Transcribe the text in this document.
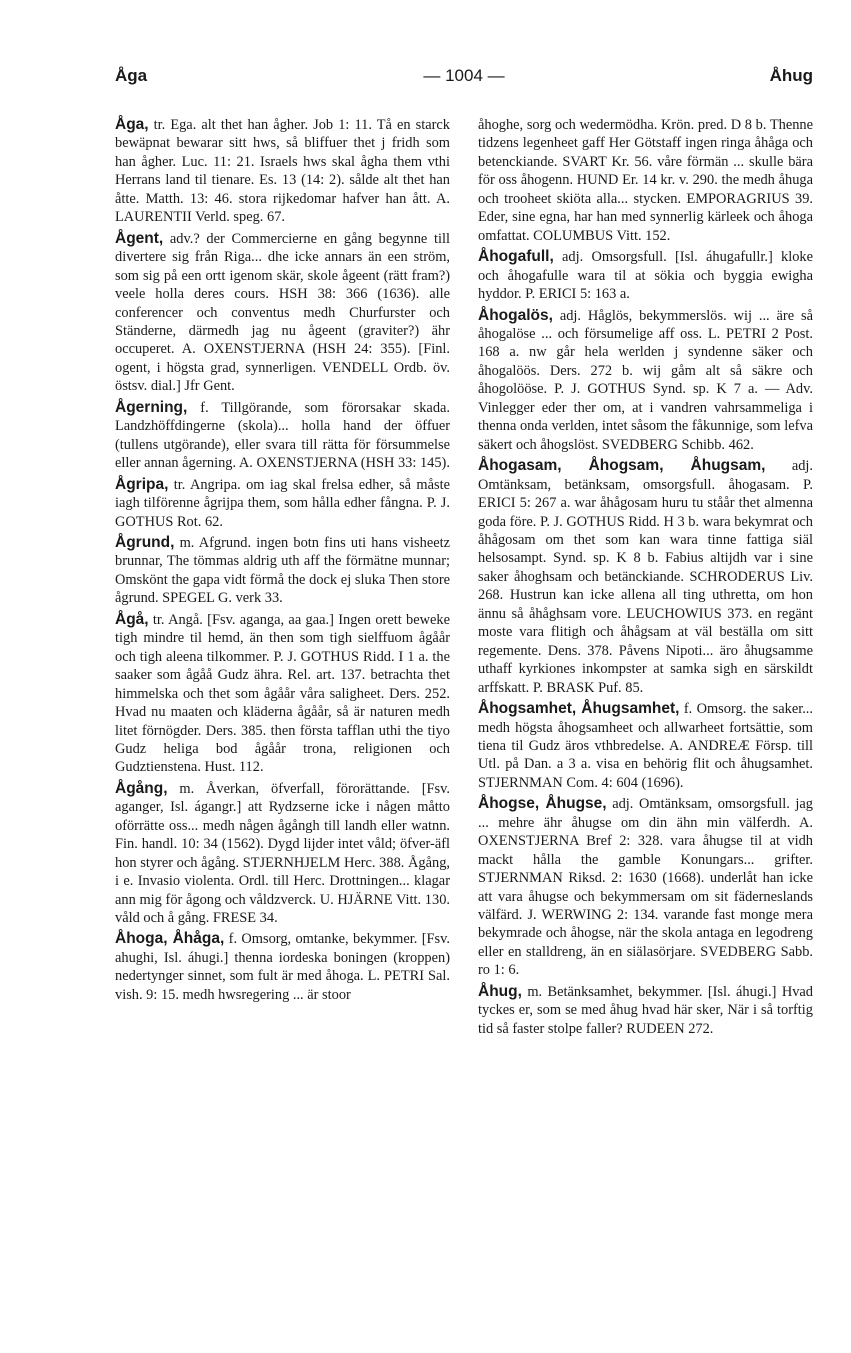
Åga	— 1004 —	Åhug

Åga, tr. Ega. alt thet han ågher. Job 1: 11. Tå en starck bewäpnat bewarar sitt hws, så bliffuer thet j fridh som han ågher. Luc. 11: 21. Israels hws skal ågha them vthi Herrans land til tienare. Es. 13 (14: 2). sålde alt thet han åtte. Matth. 13: 46. stora rijkedomar hafver han ått. A. LAURENTII Verld. speg. 67.

Ågent, adv.? der Commercierne en gång begynne till divertere sig från Riga... dhe icke annars än een ström, som sig på een ortt igenom skär, skole ågeent (rätt fram?) veele holla deres cours. HSH 38: 366 (1636). alle conferencer och conventus medh Churfurster och Ständerne, därmedh jag nu ågeent (graviter?) ähr occuperet. A. OXENSTJERNA (HSH 24: 355). [Finl. ogent, i högsta grad, synnerligen. VENDELL Ordb. öv. östsv. dial.] Jfr Gent.

Ågerning, f. Tillgörande, som förorsakar skada. Landzhöffdingerne (skola)... holla hand der öffuer (tullens utgörande), eller svara till rätta för försummelse eller annan ågerning. A. OXENSTJERNA (HSH 33: 145).

Ågripa, tr. Angripa. om iag skal frelsa edher, så måste iagh tilförenne ågrijpa them, som hålla edher fångna. P. J. GOTHUS Rot. 62.

Ågrund, m. Afgrund. ingen botn fins uti hans visheetz brunnar, The tömmas aldrig uth aff the förmätne munnar; Omskönt the gapa vidt förmå the dock ej sluka Then store ågrund. SPEGEL G. verk 33.

Ågå, tr. Angå. [Fsv. aganga, aa gaa.] Ingen orett beweke tigh mindre til hemd, än then som tigh sielffuom ågåår och tigh aleena tilkommer. P. J. GOTHUS Ridd. I 1 a. the saaker som ågåå Gudz ähra. Rel. art. 137. betrachta thet himmelska och thet som ågåår våra saligheet. Ders. 252. Hvad nu maaten och kläderna ågåår, så är naturen medh litet förnögder. Ders. 385. then första tafflan uthi the tiyo Gudz heliga bod ågåår trona, religionen och Gudztienstena. Hust. 112.

Ågång, m. Åverkan, öfverfall, förorättande. [Fsv. aganger, Isl. ágangr.] att Rydzserne icke i någen måtto oförrätte oss... medh någen ågångh till landh eller watnn. Fin. handl. 10: 34 (1562). Dygd lijder intet våld; öfver-äfl hon styrer och ågång. STJERNHJELM Herc. 388. Ågång, i e. Invasio violenta. Ordl. till Herc. Drottningen... klagar ann mig för ågong och våldzverck. U. HJÄRNE Vitt. 130. våld och å gång. FRESE 34.

Åhoga, Åhåga, f. Omsorg, omtanke, bekymmer. [Fsv. ahughi, Isl. áhugi.] thenna iordeska boningen (kroppen) nedertynger sinnet, som fult är med åhoga. L. PETRI Sal. vish. 9: 15. medh hwsregering ... är stoor

åhoghe, sorg och wedermödha. Krön. pred. D 8 b. Thenne tidzens legenheet gaff Her Götstaff ingen ringa åhåga och betenckiande. SVART Kr. 56. våre förmän ... skulle bära för oss åhogenn. HUND Er. 14 kr. v. 290. the medh åhuga och trooheet skiöta alla... stycken. EMPORAGRIUS 39. Eder, sine egna, har han med synnerlig kärleek och åhoga omfattat. COLUMBUS Vitt. 152.

Åhogafull, adj. Omsorgsfull. [Isl. áhugafullr.] kloke och åhogafulle wara til at sökia och byggia ewigha hyddor. P. ERICI 5: 163 a.

Åhogalös, adj. Håglös, bekymmerslös. wij ... äre så åhogalöse ... och försumelige aff oss. L. PETRI 2 Post. 168 a. nw går hela werlden j syndenne säker och åhogalöös. Ders. 272 b. wij gåm alt så säkre och åhogolööse. P. J. GOTHUS Synd. sp. K 7 a. — Adv. Vinlegger eder ther om, at i vandren vahrsammeliga i thenna onda verlden, intet såsom the fåkunnige, som lefva säkert och åhogslöst. SVEDBERG Schibb. 462.

Åhogasam, Åhogsam, Åhugsam, adj. Omtänksam, betänksam, omsorgsfull. åhogasam. P. ERICI 5: 267 a. war åhågosam huru tu ståår thet almenna goda före. P. J. GOTHUS Ridd. H 3 b. wara bekymrat och åhågosam om thet som kan wara tinne fattiga siäl helsosampt. Synd. sp. K 8 b. Fabius altijdh var i sine saker åhoghsam och betänckiande. SCHRODERUS Liv. 268. Hustrun kan icke allena all ting uthretta, om hon ännu så åhåghsam vore. LEUCHOWIUS 373. en regänt moste vara flitigh och åhågsam at väl beställa om sitt regemente. Dens. 378. Påvens Nipoti... äro åhugsamme uthaff kyrkiones inkompster at samka sigh en särskildt arffskatt. P. BRASK Puf. 85.

Åhogsamhet, Åhugsamhet, f. Omsorg. the saker... medh högsta åhogsamheet och allwarheet fortsättie, som tiena til Gudz äros vthbredelse. A. ANDREÆ Försp. till Utl. på Dan. a 3 a. visa en behörig flit och åhugsamhet. STJERNMAN Com. 4: 604 (1696).

Åhogse, Åhugse, adj. Omtänksam, omsorgsfull. jag ... mehre ähr åhugse om din ähn min välferdh. A. OXENSTJERNA Bref 2: 328. vara åhugse til at vidh mackt hålla the gamble Konungars... grifter. STJERNMAN Riksd. 2: 1630 (1668). underlåt han icke att vara åhugse och bekymmersam om sit fäderneslands välfärd. J. WERWING 2: 134. varande fast monge mera bekymrade och åhogse, när the skola antaga en legodreng eller en stalldreng, än en siälasörjare. SVEDBERG Sabb. ro 1: 6.

Åhug, m. Betänksamhet, bekymmer. [Isl. áhugi.] Hvad tyckes er, som se med åhug hvad här sker, När i så torftig tid så faster stolpe faller? RUDEEN 272.
